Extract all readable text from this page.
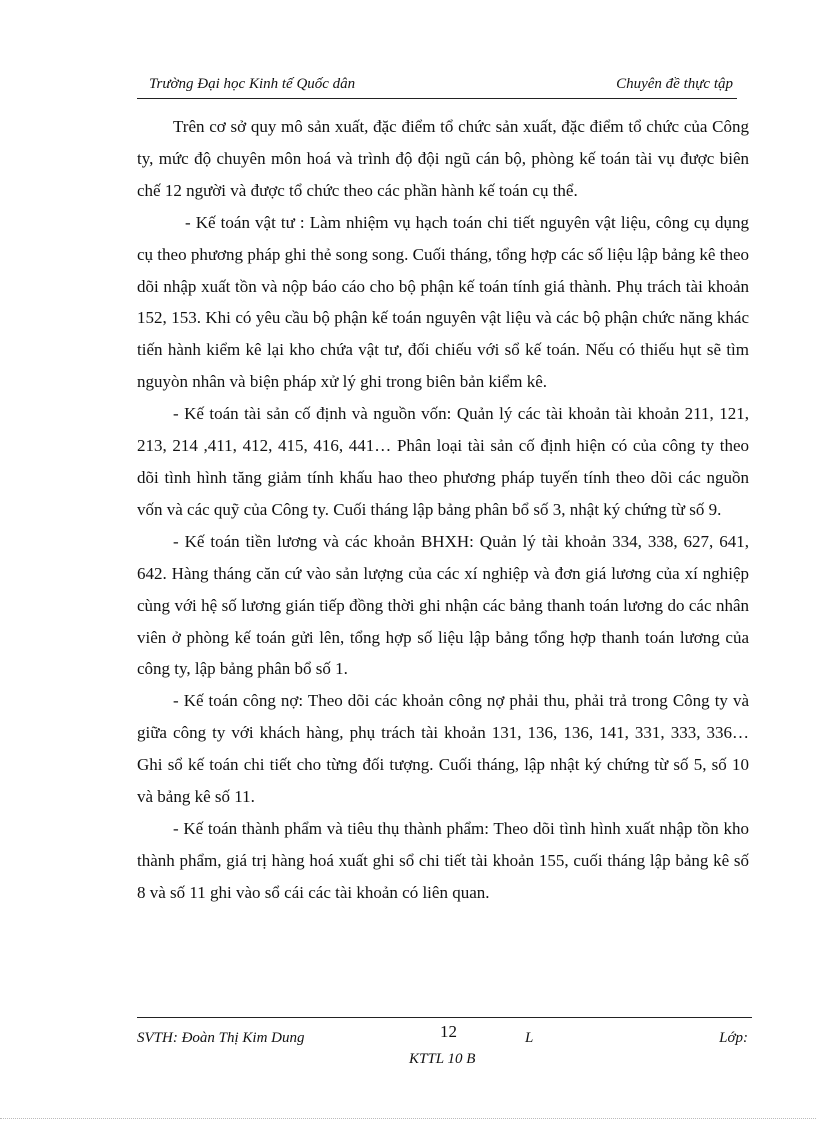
Trường Đại học Kinh tế Quốc dân	Chuyên đề thực tập

Trên cơ sở quy mô sản xuất, đặc điểm tổ chức sản xuất, đặc điểm tổ chức của Công ty, mức độ chuyên môn hoá và trình độ đội ngũ cán bộ, phòng kế toán tài vụ được biên chế 12 người và được tổ chức theo các phần hành kế toán cụ thể.

- Kế toán vật tư : Làm nhiệm vụ hạch toán chi tiết nguyên vật liệu, công cụ dụng cụ theo phương pháp ghi thẻ song song. Cuối tháng, tổng hợp các số liệu lập bảng kê theo dõi nhập xuất tồn và nộp báo cáo cho bộ phận kế toán tính giá thành. Phụ trách tài khoản 152, 153. Khi có yêu cầu bộ phận kế toán nguyên vật liệu và các bộ phận chức năng khác tiến hành kiểm kê lại kho chứa vật tư, đối chiếu với sổ kế toán. Nếu có thiếu hụt sẽ tìm nguyòn nhân và biện pháp xử lý ghi trong biên bản kiểm kê.

- Kế toán tài sản cố định và nguồn vốn: Quản lý các tài khoản tài khoản 211, 121, 213, 214 ,411, 412, 415, 416, 441… Phân loại tài sản cố định hiện có của công ty theo dõi tình hình tăng giảm tính khấu hao theo phương pháp tuyến tính theo dõi các nguồn vốn và các quỹ của Công ty. Cuối tháng lập bảng phân bổ số 3, nhật ký chứng từ số 9.

- Kế toán tiền lương và các khoản BHXH: Quản lý tài khoản 334, 338, 627, 641, 642. Hàng tháng căn cứ vào sản lượng của các xí nghiệp và đơn giá lương của xí nghiệp cùng với hệ số lương gián tiếp đồng thời ghi nhận các bảng thanh toán lương do các nhân viên ở phòng kế toán gửi lên, tổng hợp số liệu lập bảng tổng hợp thanh toán lương của công ty, lập bảng phân bổ số 1.

- Kế toán công nợ: Theo dõi các khoản công nợ phải thu, phải trả trong Công ty và giữa công ty với khách hàng, phụ trách tài khoản 131, 136, 136, 141, 331, 333, 336… Ghi sổ kế toán chi tiết cho từng đối tượng. Cuối tháng, lập nhật ký chứng từ số 5, số 10 và bảng kê số 11.

- Kế toán thành phẩm và tiêu thụ thành phẩm: Theo dõi tình hình xuất nhập tồn kho thành phẩm, giá trị hàng hoá xuất ghi sổ chi tiết tài khoản 155, cuối tháng lập bảng kê số 8 và số 11 ghi vào sổ cái các tài khoản có liên quan.

SVTH: Đoàn Thị Kim Dung	12	L	Lớp:
KTTL 10 B
